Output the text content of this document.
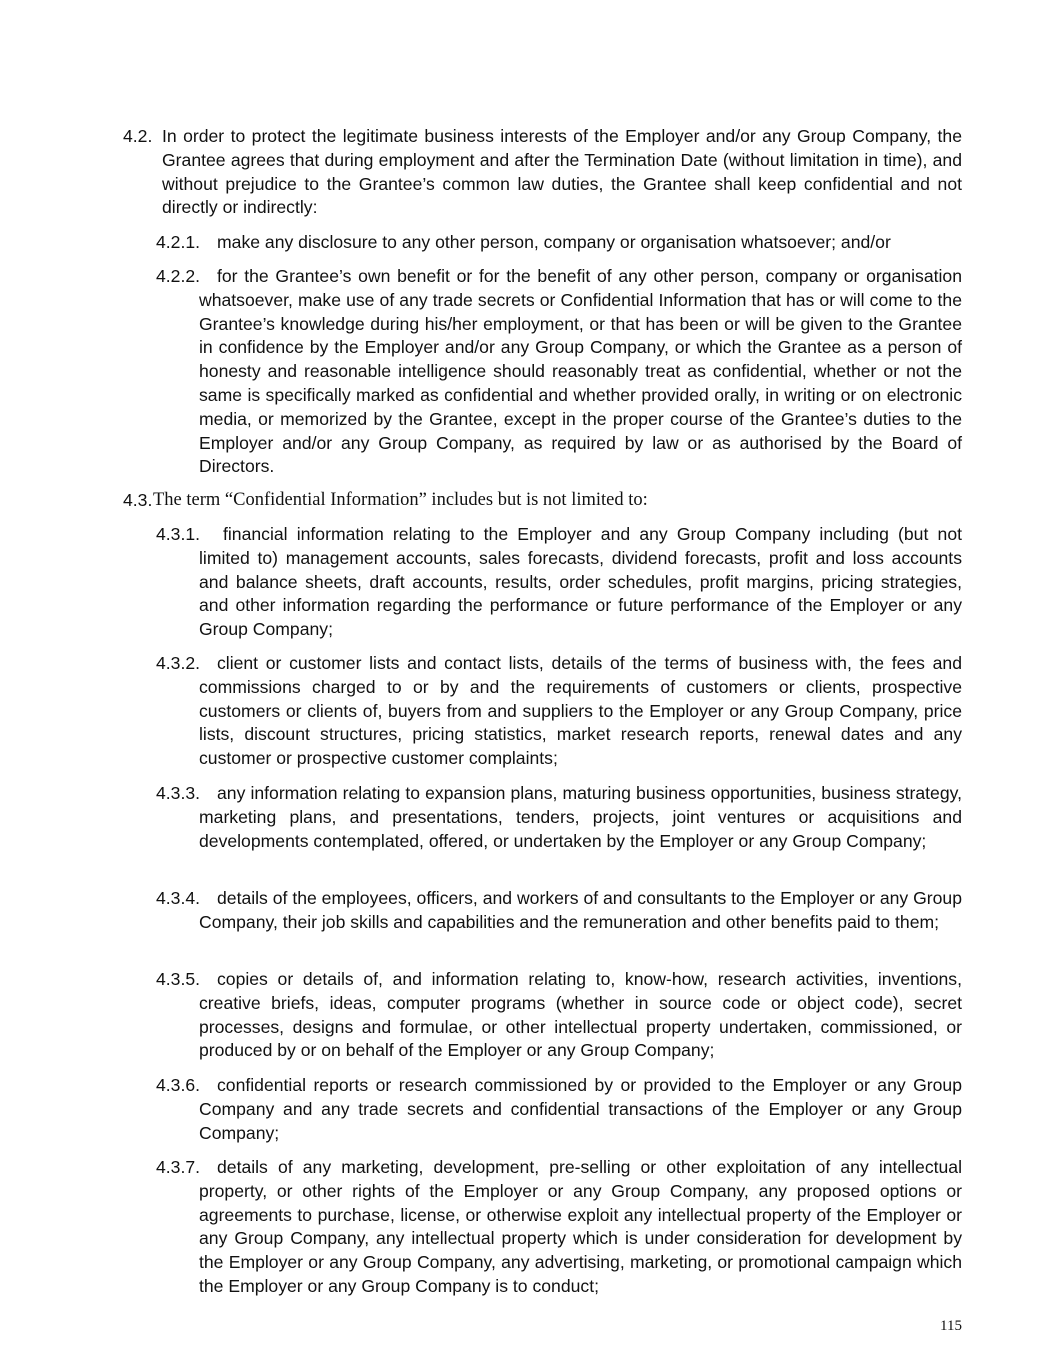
4.2. In order to protect the legitimate business interests of the Employer and/or any Group Company, the Grantee agrees that during employment and after the Termination Date (without limitation in time), and without prejudice to the Grantee’s common law duties, the Grantee shall keep confidential and not directly or indirectly:
4.2.1. make any disclosure to any other person, company or organisation whatsoever; and/or
4.2.2. for the Grantee’s own benefit or for the benefit of any other person, company or organisation whatsoever, make use of any trade secrets or Confidential Information that has or will come to the Grantee’s knowledge during his/her employment, or that has been or will be given to the Grantee in confidence by the Employer and/or any Group Company, or which the Grantee as a person of honesty and reasonable intelligence should reasonably treat as confidential, whether or not the same is specifically marked as confidential and whether provided orally, in writing or on electronic media, or memorized by the Grantee, except in the proper course of the Grantee’s duties to the Employer and/or any Group Company, as required by law or as authorised by the Board of Directors.
4.3. The term “Confidential Information” includes but is not limited to:
4.3.1.	financial information relating to the Employer and any Group Company including (but not limited to) management accounts, sales forecasts, dividend forecasts, profit and loss accounts and balance sheets, draft accounts, results, order schedules, profit margins, pricing strategies, and other information regarding the performance or future performance of the Employer or any Group Company;
4.3.2. client or customer lists and contact lists, details of the terms of business with, the fees and commissions charged to or by and the requirements of customers or clients, prospective customers or clients of, buyers from and suppliers to the Employer or any Group Company, price lists, discount structures, pricing statistics, market research reports, renewal dates and any customer or prospective customer complaints;
4.3.3. any information relating to expansion plans, maturing business opportunities, business strategy, marketing plans, and presentations, tenders, projects, joint ventures or acquisitions and developments contemplated, offered, or undertaken by the Employer or any Group Company;
4.3.4. details of the employees, officers, and workers of and consultants to the Employer or any Group Company, their job skills and capabilities and the remuneration and other benefits paid to them;
4.3.5. copies or details of, and information relating to, know-how, research activities, inventions, creative briefs, ideas, computer programs (whether in source code or object code), secret processes, designs and formulae, or other intellectual property undertaken, commissioned, or produced by or on behalf of the Employer or any Group Company;
4.3.6. confidential reports or research commissioned by or provided to the Employer or any Group Company and any trade secrets and confidential transactions of the Employer or any Group Company;
4.3.7. details of any marketing, development, pre-selling or other exploitation of any intellectual property, or other rights of the Employer or any Group Company, any proposed options or agreements to purchase, license, or otherwise exploit any intellectual property of the Employer or any Group Company, any intellectual property which is under consideration for development by the Employer or any Group Company, any advertising, marketing, or promotional campaign which the Employer or any Group Company is to conduct;
115
